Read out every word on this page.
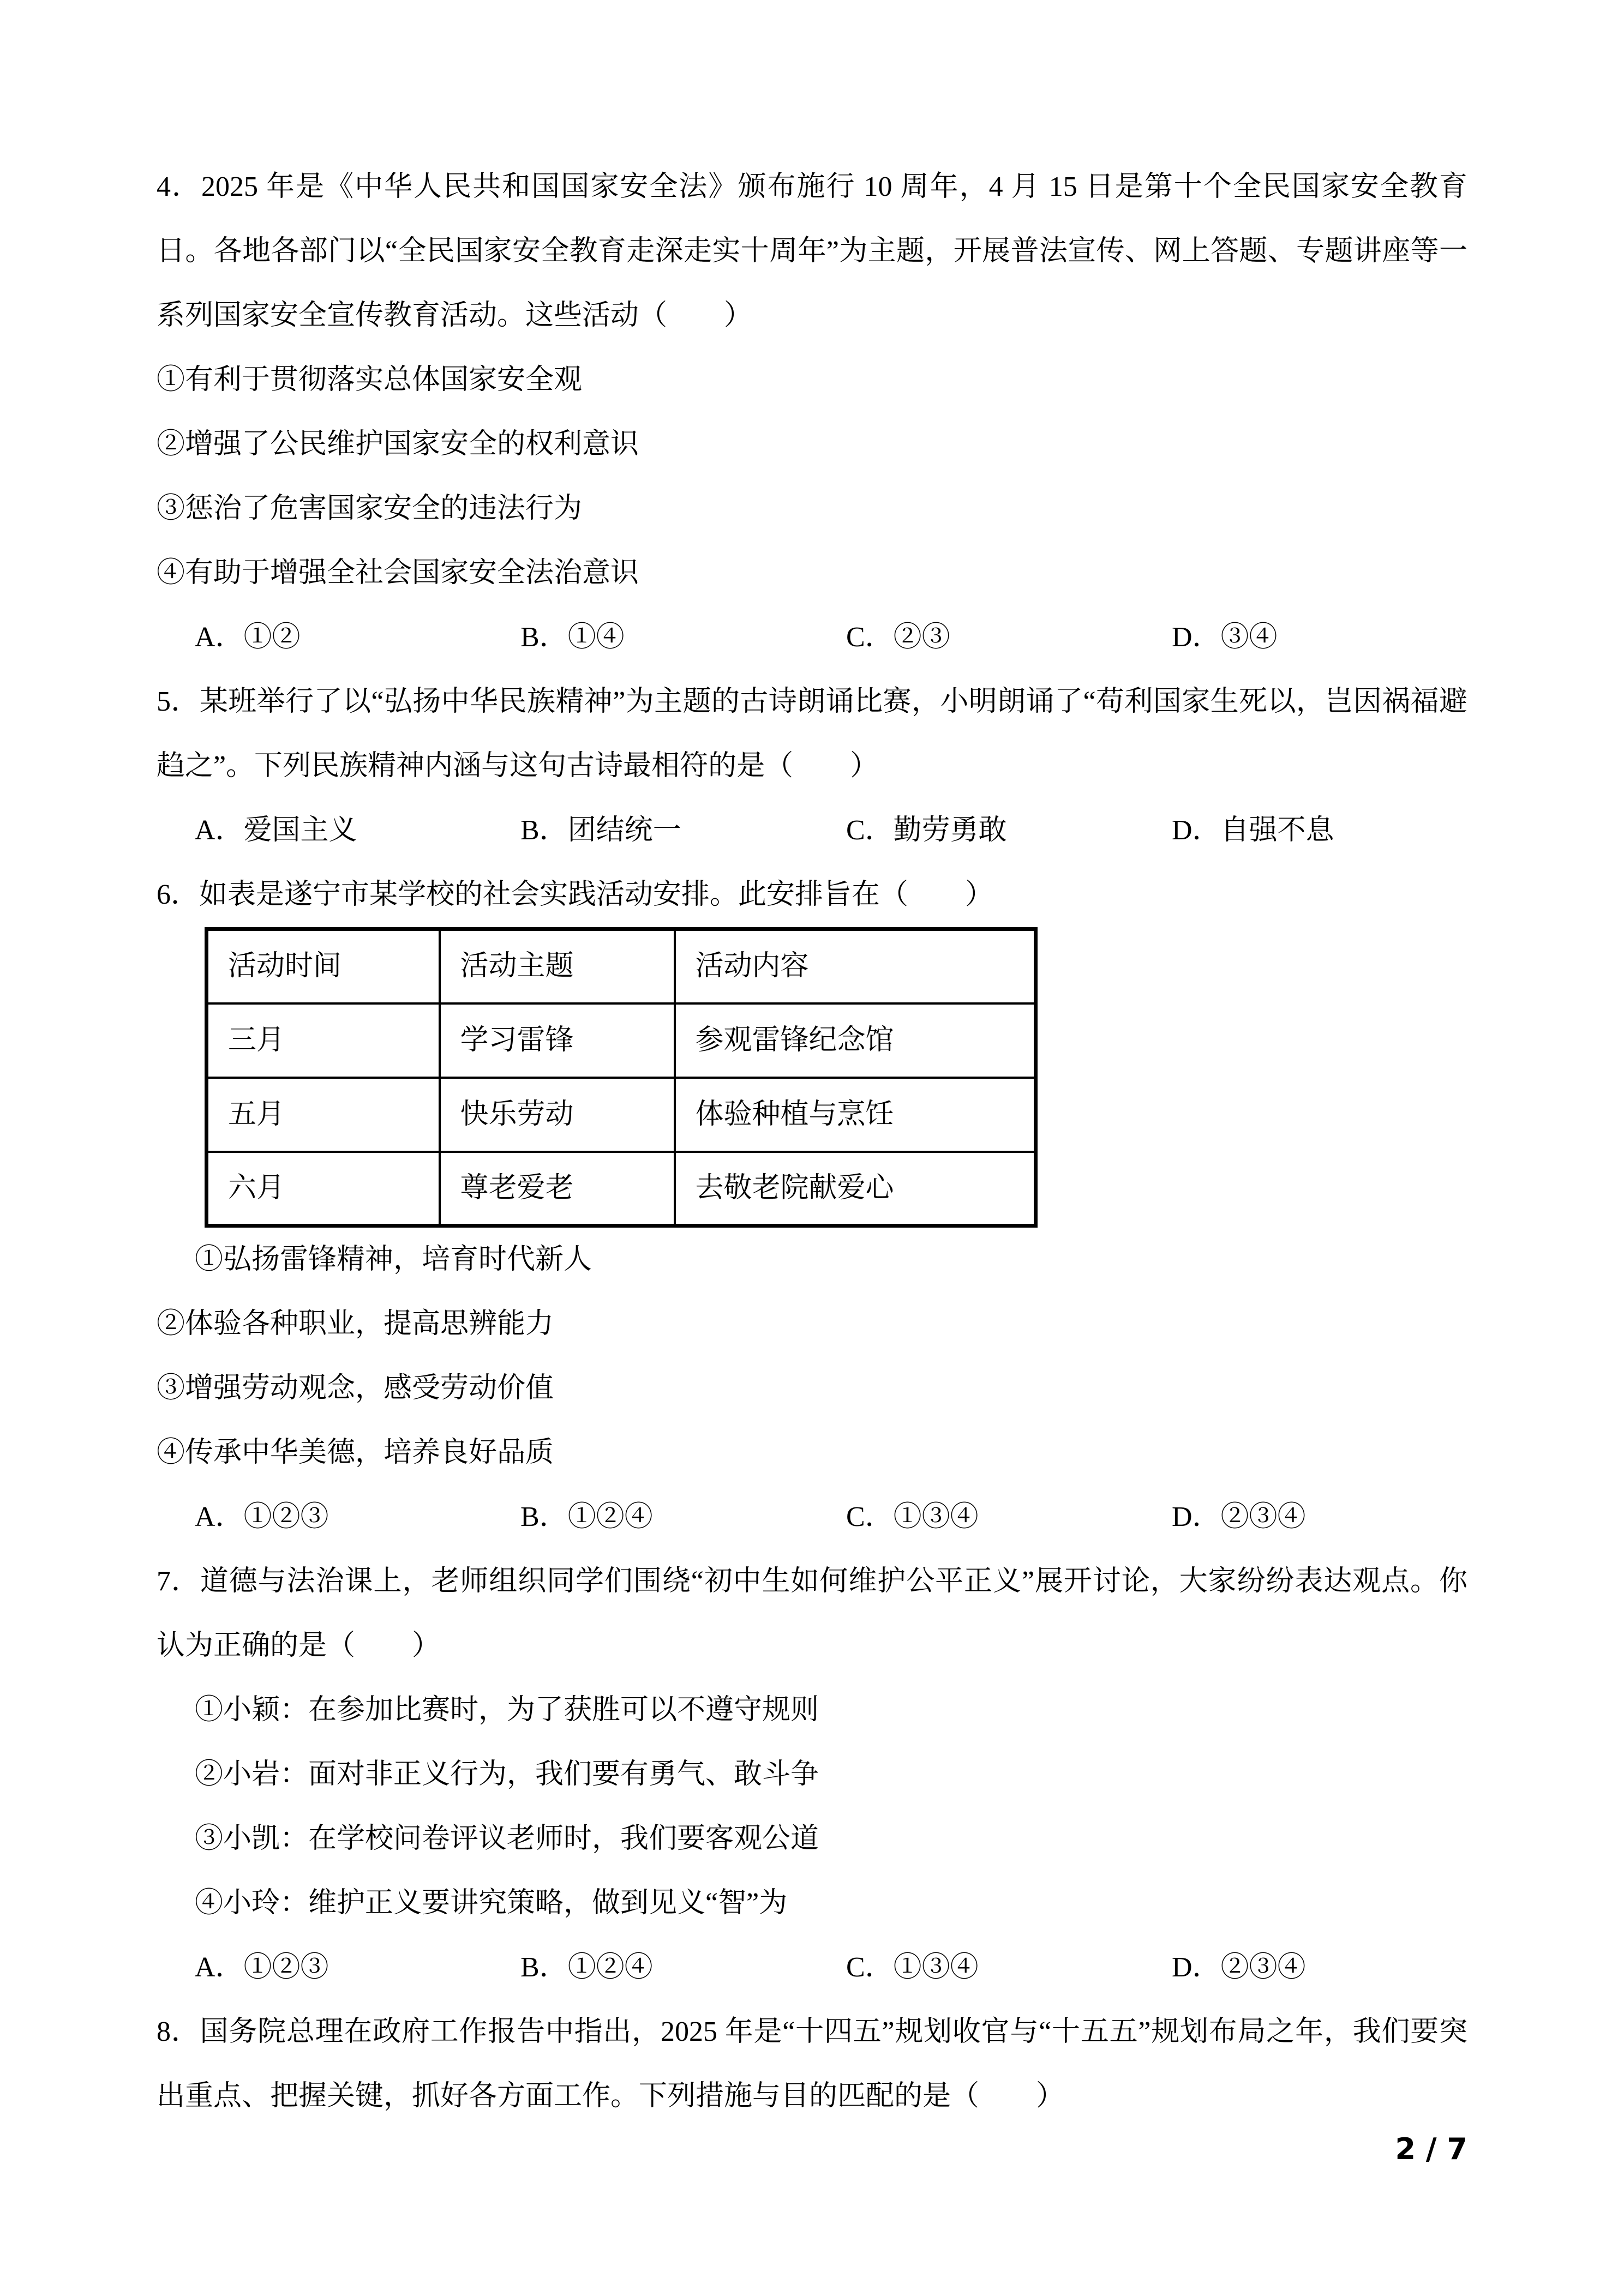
4．2025 年是《中华人民共和国国家安全法》颁布施行 10 周年，4 月 15 日是第十个全民国家安全教育日。各地各部门以“全民国家安全教育走深走实十周年”为主题，开展普法宣传、网上答题、专题讲座等一系列国家安全宣传教育活动。这些活动（　　）

①有利于贯彻落实总体国家安全观

②增强了公民维护国家安全的权利意识

③惩治了危害国家安全的违法行为

④有助于增强全社会国家安全法治意识

A．①②	B．①④	C．②③	D．③④

5．某班举行了以“弘扬中华民族精神”为主题的古诗朗诵比赛，小明朗诵了“苟利国家生死以，岂因祸福避趋之”。下列民族精神内涵与这句古诗最相符的是（　　）

A．爱国主义	B．团结统一	C．勤劳勇敢	D．自强不息

6．如表是遂宁市某学校的社会实践活动安排。此安排旨在（　　）

活动时间	活动主题	活动内容
三月	学习雷锋	参观雷锋纪念馆
五月	快乐劳动	体验种植与烹饪
六月	尊老爱老	去敬老院献爱心

①弘扬雷锋精神，培育时代新人

②体验各种职业，提高思辨能力

③增强劳动观念，感受劳动价值

④传承中华美德，培养良好品质

A．①②③	B．①②④	C．①③④	D．②③④

7．道德与法治课上，老师组织同学们围绕“初中生如何维护公平正义”展开讨论，大家纷纷表达观点。你认为正确的是（　　）

①小颖：在参加比赛时，为了获胜可以不遵守规则

②小岩：面对非正义行为，我们要有勇气、敢斗争

③小凯：在学校问卷评议老师时，我们要客观公道

④小玲：维护正义要讲究策略，做到见义“智”为

A．①②③	B．①②④	C．①③④	D．②③④

8．国务院总理在政府工作报告中指出，2025 年是“十四五”规划收官与“十五五”规划布局之年，我们要突出重点、把握关键，抓好各方面工作。下列措施与目的匹配的是（　　）

2 / 7
